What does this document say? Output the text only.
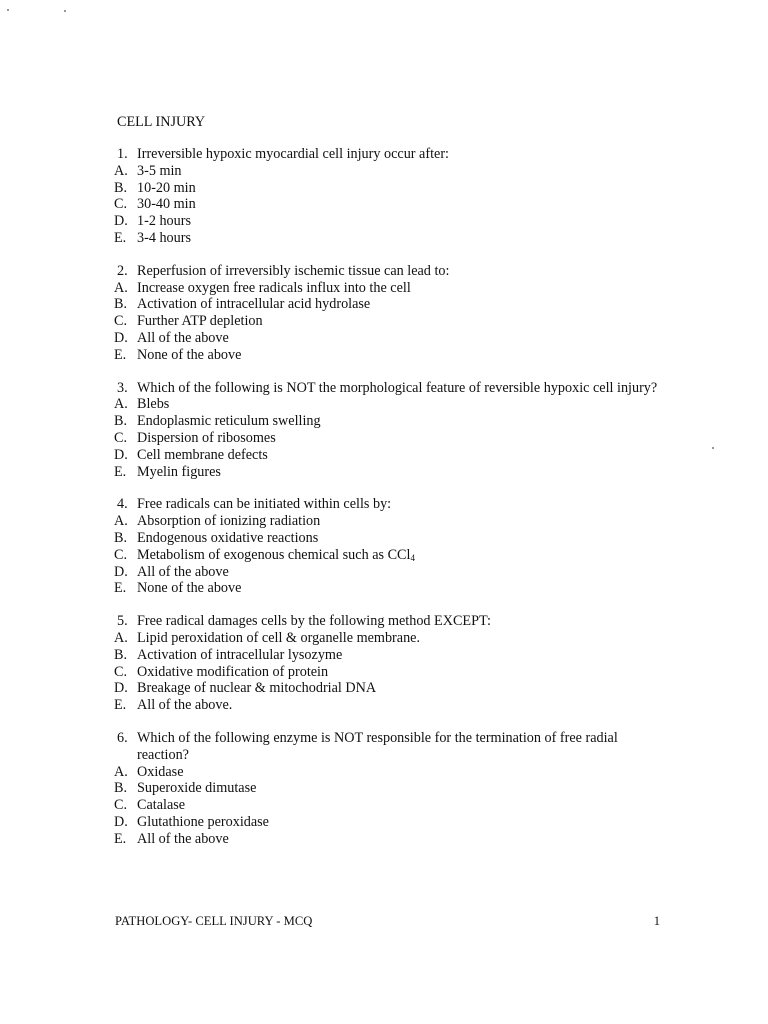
CELL INJURY
1. Irreversible hypoxic myocardial cell injury occur after:
A. 3-5 min
B. 10-20 min
C. 30-40 min
D. 1-2 hours
E. 3-4 hours
2. Reperfusion of irreversibly ischemic tissue can lead to:
A. Increase oxygen free radicals influx into the cell
B. Activation of intracellular acid hydrolase
C. Further ATP depletion
D. All of the above
E. None of the above
3. Which of the following is NOT the morphological feature of reversible hypoxic cell injury?
A. Blebs
B. Endoplasmic reticulum swelling
C. Dispersion of ribosomes
D. Cell membrane defects
E. Myelin figures
4. Free radicals can be initiated within cells by:
A. Absorption of ionizing radiation
B. Endogenous oxidative reactions
C. Metabolism of exogenous chemical such as CCl$_4$
D. All of the above
E. None of the above
5. Free radical damages cells by the following method EXCEPT:
A. Lipid peroxidation of cell & organelle membrane.
B. Activation of intracellular lysozyme
C. Oxidative modification of protein
D. Breakage of nuclear & mitochodrial DNA
E. All of the above.
6. Which of the following enzyme is NOT responsible for the termination of free radial reaction?
A. Oxidase
B. Superoxide dimutase
C. Catalase
D. Glutathione peroxidase
E. All of the above
PATHOLOGY- CELL INJURY - MCQ	1
